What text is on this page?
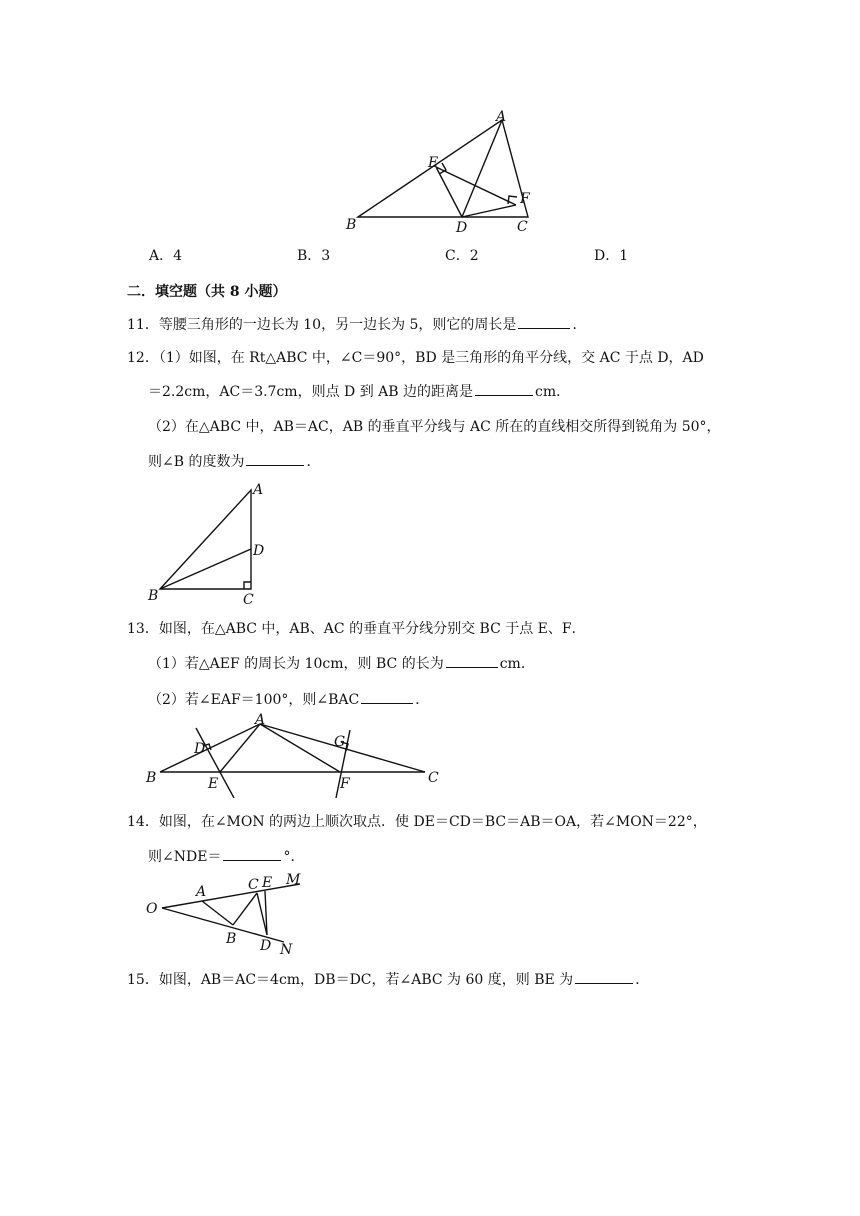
A
B	C
D
E
F
A．4	B．3	C．2	D．1
二．填空题（共 8 小题）
11．等腰三角形的一边长为 10，另一边长为 5，则它的周长是	．
12．（1）如图，在 Rt△ABC 中，∠C＝90°，BD 是三角形的角平分线，交 AC 于点 D，AD
＝2.2cm，AC＝3.7cm，则点 D 到 AB 边的距离是	cm．
（2）在△ABC 中，AB＝AC，AB 的垂直平分线与 AC 所在的直线相交所得到锐角为 50°，
则∠B 的度数为	．
A
B	C
D
13．如图，在△ABC 中，AB、AC 的垂直平分线分别交 BC 于点 E、F．
（1）若△AEF 的周长为 10cm，则 BC 的长为	cm．
（2）若∠EAF＝100°，则∠BAC	．
A
B	C
D
E	F
G
14．如图，在∠MON 的两边上顺次取点．使 DE＝CD＝BC＝AB＝OA，若∠MON＝22°，
则∠NDE＝	°．
O
A
B
C
D
E M
N
15．如图，AB＝AC＝4cm，DB＝DC，若∠ABC 为 60 度，则 BE 为	．
